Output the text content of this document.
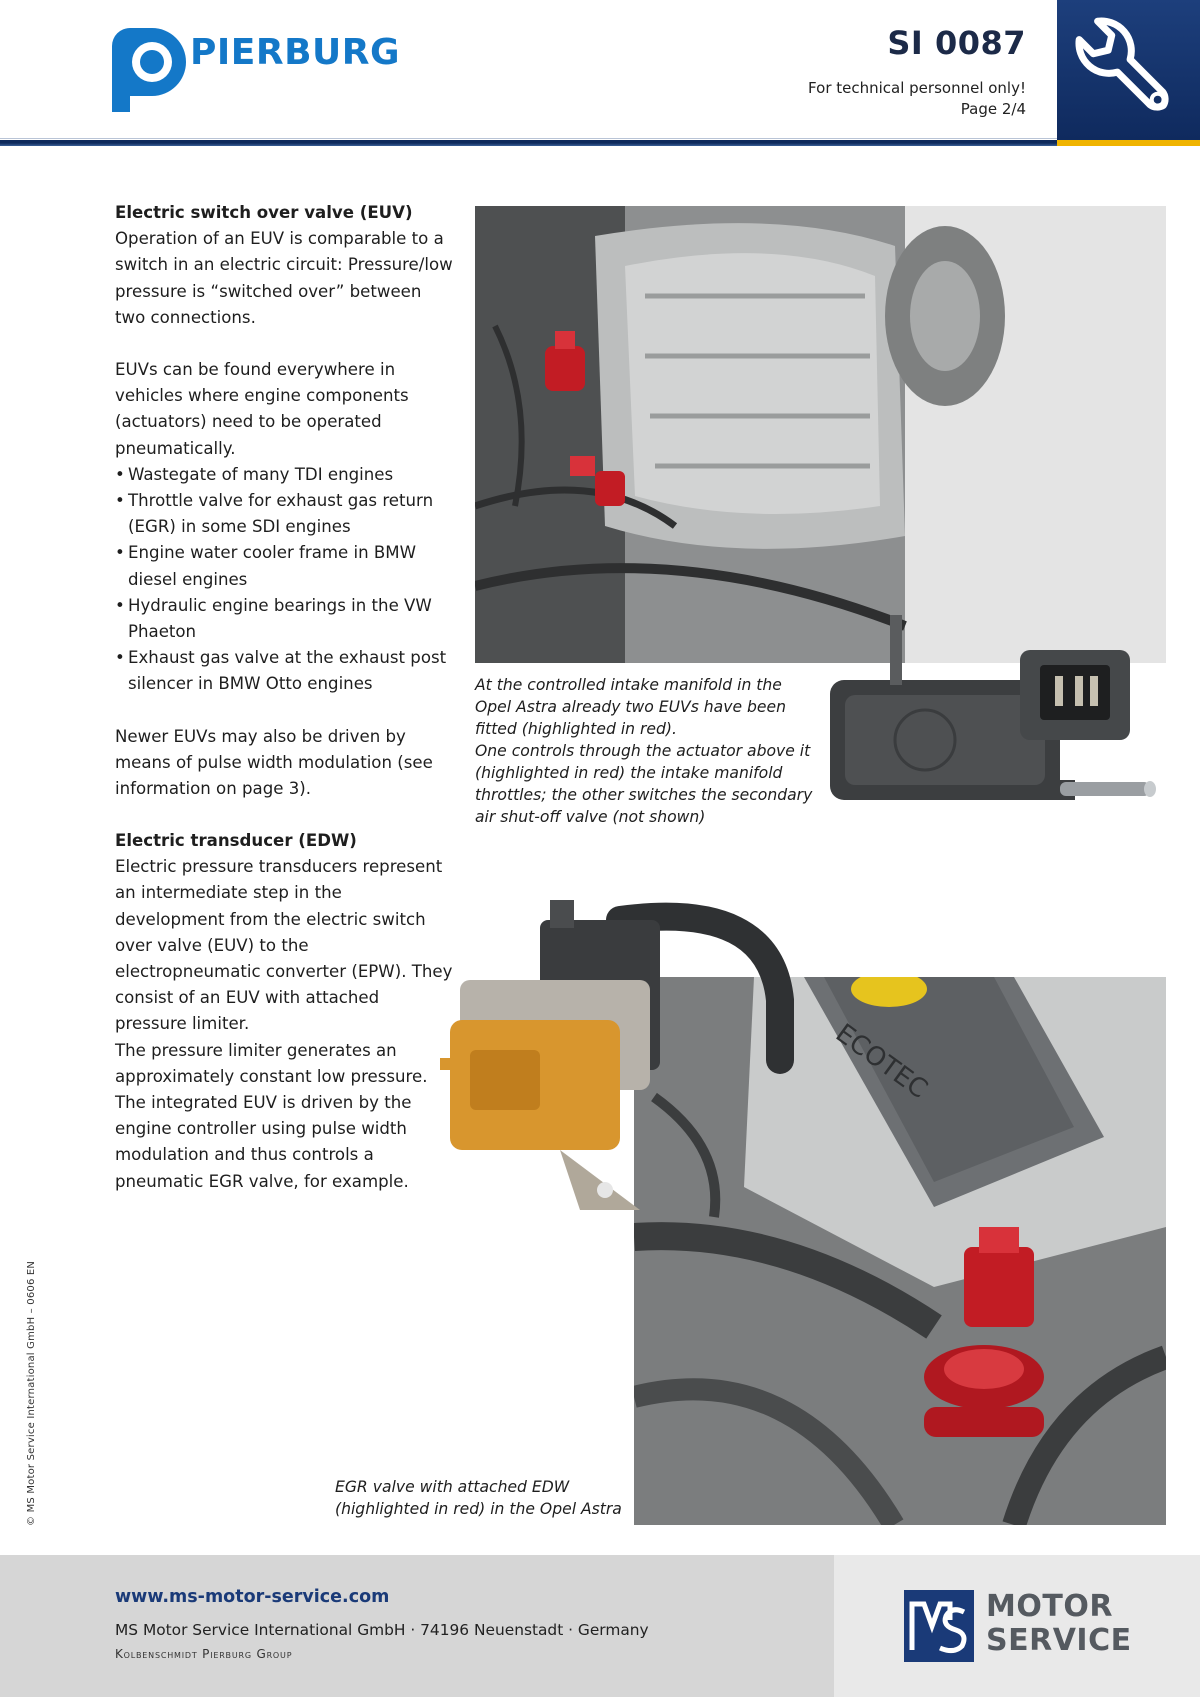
PIERBURG	SI 0087
For technical personnel only!
Page 2/4
Electric switch over valve (EUV)

Operation of an EUV is comparable to a switch in an electric circuit: Pressure/low pressure is “switched over” between two connections.

EUVs can be found everywhere in vehicles where engine components (actuators) need to be operated pneumatically.

• Wastegate of many TDI engines
• Throttle valve for exhaust gas return (EGR) in some SDI engines
• Engine water cooler frame in BMW diesel engines
• Hydraulic engine bearings in the VW Phaeton
• Exhaust gas valve at the exhaust post silencer in BMW Otto engines

Newer EUVs may also be driven by means of pulse width modulation (see information on page 3).

Electric transducer (EDW)

Electric pressure transducers represent an intermediate step in the development from the electric switch over valve (EUV) to the electropneumatic converter (EPW). They consist of an EUV with attached pressure limiter.

The pressure limiter generates an approximately constant low pressure.

The integrated EUV is driven by the engine controller using pulse width modulation and thus controls a pneumatic EGR valve, for example.

At the controlled intake manifold in the Opel Astra already two EUVs have been fitted (highlighted in red).
One controls through the actuator above it (highlighted in red) the intake manifold throttles; the other switches the secondary air shut-off valve (not shown)
ECOTEC
EGR valve with attached EDW (highlighted in red) in the Opel Astra
© MS Motor Service International GmbH – 0606 EN
www.ms-motor-service.com
MS Motor Service International GmbH · 74196 Neuenstadt · Germany
Kolbenschmidt Pierburg Group
MOTOR
SERVICE
